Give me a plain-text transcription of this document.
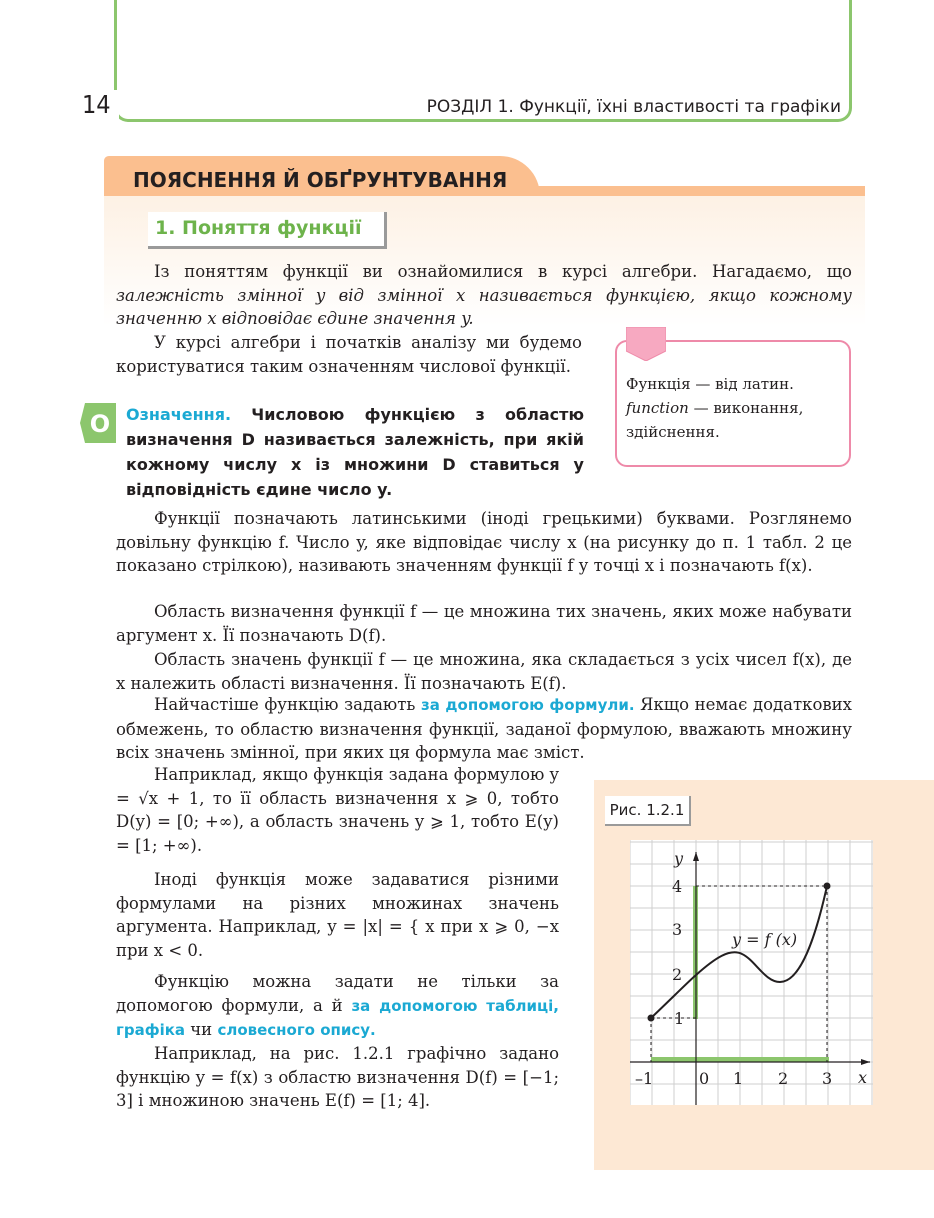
14	РОЗДІЛ 1. Функції, їхні властивості та графіки
ПОЯСНЕННЯ Й ОБҐРУНТУВАННЯ
1. Поняття функції
Із поняттям функції ви ознайомилися в курсі алгебри. Нагадаємо, що залежність змінної y від змінної x називається функцією, якщо кожному значенню x відповідає єдине значення y.
У курсі алгебри і початків аналізу ми будемо користуватися таким означенням числової функції.
Функція — від латин.
function — виконання, здійснення.
О Означення. Числовою функцією з областю визначення D називається залежність, при якій кожному числу x із множини D ставиться у відповідність єдине число y.
Функції позначають латинськими (іноді грецькими) буквами. Розглянемо довільну функцію f. Число y, яке відповідає числу x (на рисунку до п. 1 табл. 2 це показано стрілкою), називають значенням функції f у точці x і позначають f(x).
Область визначення функції f — це множина тих значень, яких може набувати аргумент x. Її позначають D(f).
Область значень функції f — це множина, яка складається з усіх чисел f(x), де x належить області визначення. Її позначають E(f).
Найчастіше функцію задають за допомогою формули. Якщо немає додаткових обмежень, то областю визначення функції, заданої формулою, вважають множину всіх значень змінної, при яких ця формула має зміст.
Наприклад, якщо функція задана формулою y = √x + 1, то її область визначення x ⩾ 0, тобто D(y) = [0; +∞), а область значень y ⩾ 1, тобто E(y) = [1; +∞).
Іноді функція може задаватися різними формулами на різних множинах значень аргумента. Наприклад, y = |x| = { x при x ⩾ 0, −x при x < 0.
Функцію можна задати не тільки за допомогою формули, а й за допомогою таблиці, графіка чи словесного опису.
Наприклад, на рис. 1.2.1 графічно задано функцію y = f(x) з областю визначення D(f) = [−1; 3] і множиною значень E(f) = [1; 4].
Рис. 1.2.1
y = f (x)
x
y
–1	0 1 2 3
1
2
3
4
